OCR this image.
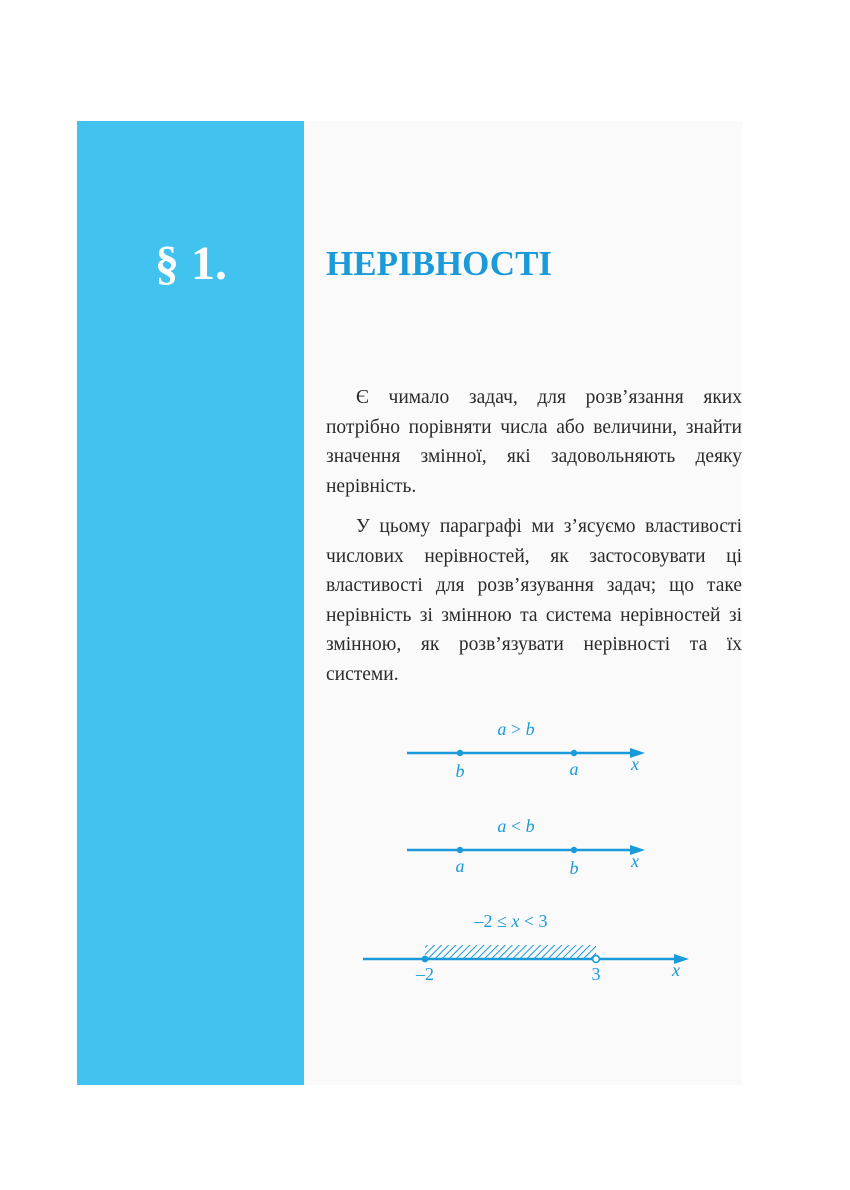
§ 1.	НЕРІВНОСТІ

Є чимало задач, для розв’язання яких потрібно порівняти числа або величини, знайти значення змінної, які задовольняють деяку нерівність.

У цьому параграфі ми з’ясуємо властивості числових нерівностей, як застосовувати ці властивості для розв’язування задач; що таке нерівність зі змінною та система нерівностей зі змінною, як розв’язувати нерівності та їх системи.

a > b
b	a	x
a < b
a	b	x
–2 ≤ x < 3
–2	3	x
